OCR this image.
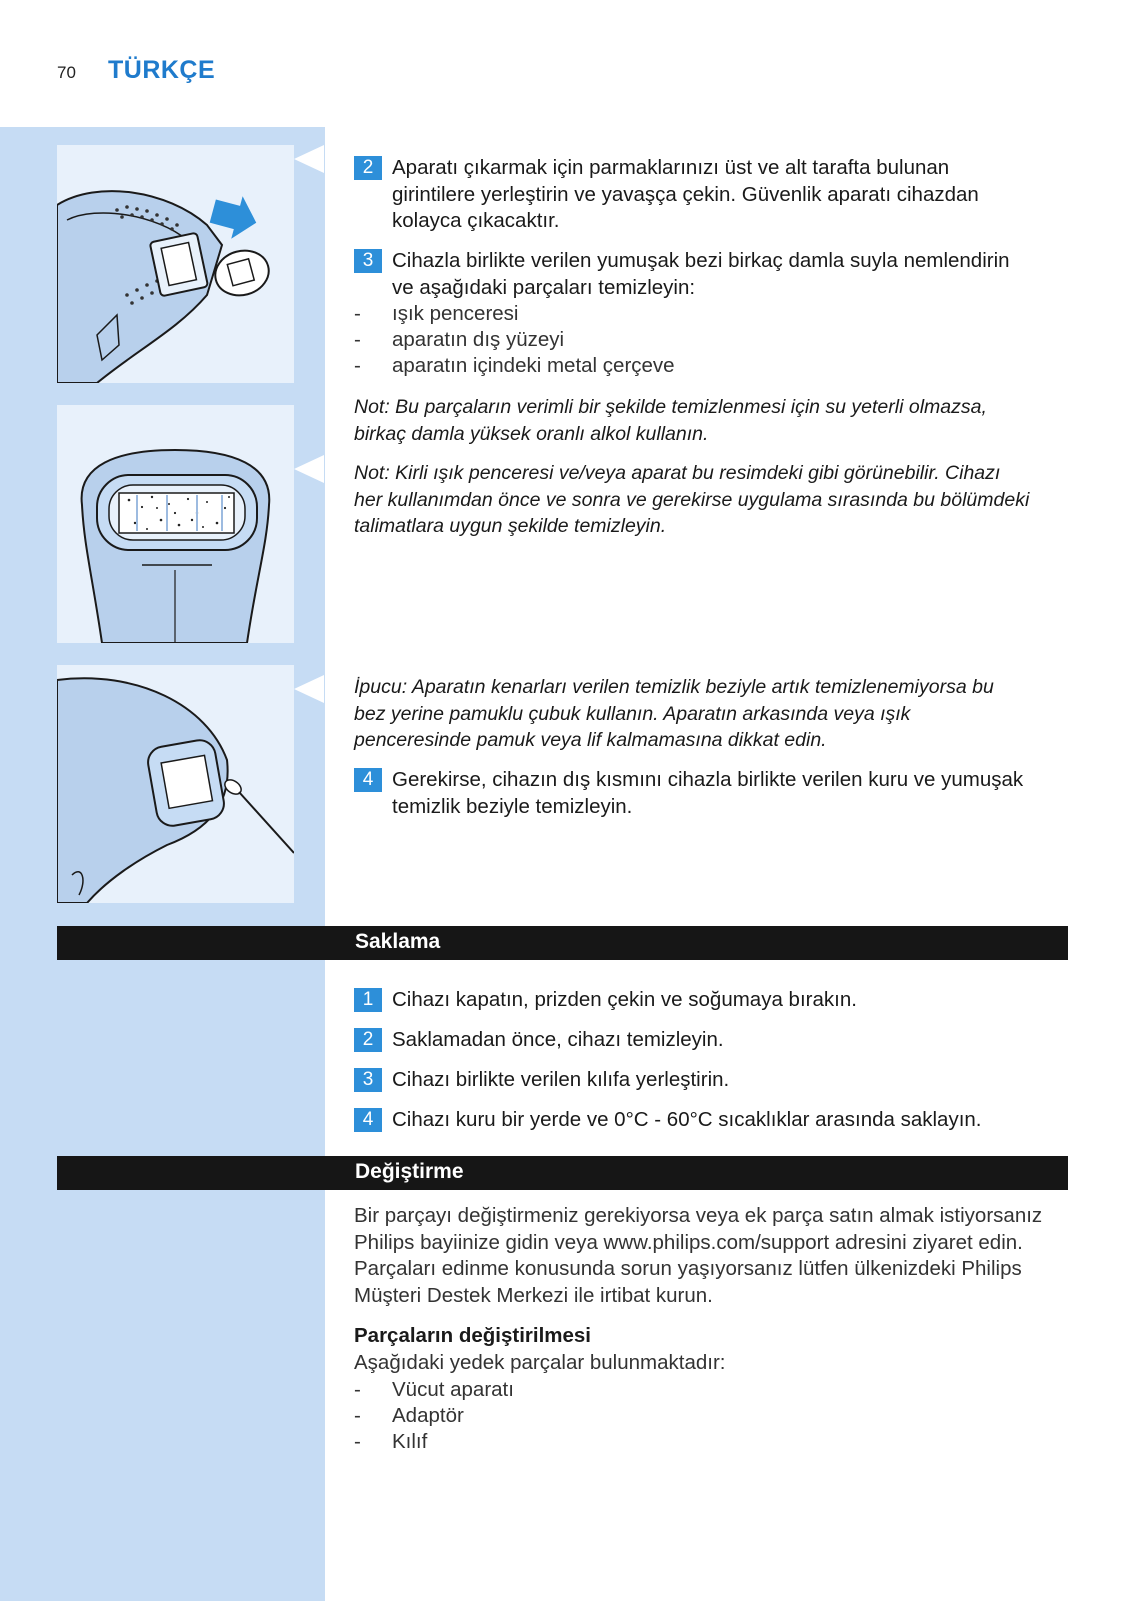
70 TÜRKÇE
2 Aparatı çıkarmak için parmaklarınızı üst ve alt tarafta bulunan
girintilere yerleştirin ve yavaşça çekin. Güvenlik aparatı cihazdan
kolayca çıkacaktır.
3 Cihazla birlikte verilen yumuşak bezi birkaç damla suyla nemlendirin
ve aşağıdaki parçaları temizleyin:
- ışık penceresi
- aparatın dış yüzeyi
- aparatın içindeki metal çerçeve
Not: Bu parçaların verimli bir şekilde temizlenmesi için su yeterli olmazsa,
birkaç damla yüksek oranlı alkol kullanın.
Not: Kirli ışık penceresi ve/veya aparat bu resimdeki gibi görünebilir. Cihazı
her kullanımdan önce ve sonra ve gerekirse uygulama sırasında bu bölümdeki
talimatlara uygun şekilde temizleyin.
İpucu: Aparatın kenarları verilen temizlik beziyle artık temizlenemiyorsa bu
bez yerine pamuklu çubuk kullanın. Aparatın arkasında veya ışık
penceresinde pamuk veya lif kalmamasına dikkat edin.
4 Gerekirse, cihazın dış kısmını cihazla birlikte verilen kuru ve yumuşak
temizlik beziyle temizleyin.
Saklama
1 Cihazı kapatın, prizden çekin ve soğumaya bırakın.
2 Saklamadan önce, cihazı temizleyin.
3 Cihazı birlikte verilen kılıfa yerleştirin.
4 Cihazı kuru bir yerde ve 0°C - 60°C sıcaklıklar arasında saklayın.
Değiştirme
Bir parçayı değiştirmeniz gerekiyorsa veya ek parça satın almak istiyorsanız
Philips bayiinize gidin veya www.philips.com/support adresini ziyaret edin.
Parçaları edinme konusunda sorun yaşıyorsanız lütfen ülkenizdeki Philips
Müşteri Destek Merkezi ile irtibat kurun.
Parçaların değiştirilmesi
Aşağıdaki yedek parçalar bulunmaktadır:
- Vücut aparatı
- Adaptör
- Kılıf
